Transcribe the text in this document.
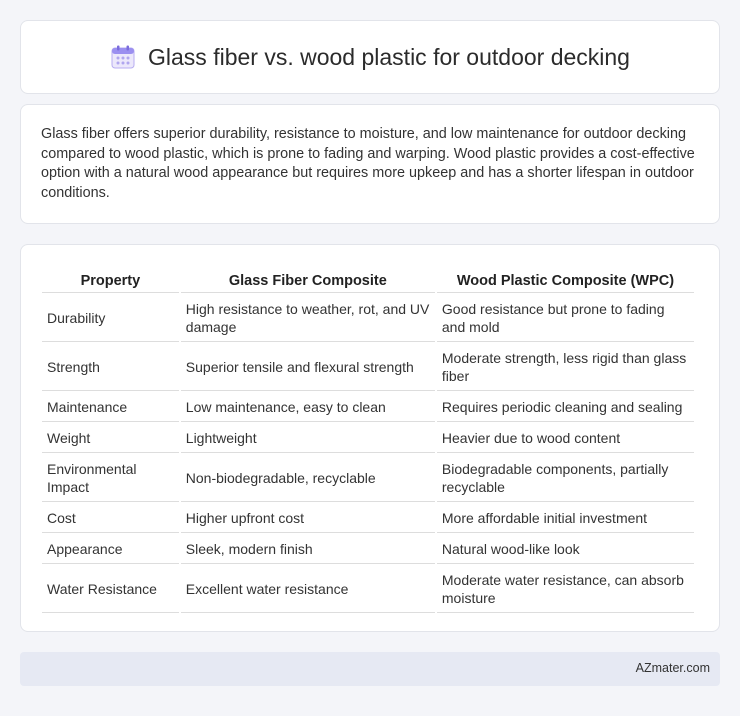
Glass fiber vs. wood plastic for outdoor decking

Glass fiber offers superior durability, resistance to moisture, and low maintenance for outdoor decking compared to wood plastic, which is prone to fading and warping. Wood plastic provides a cost-effective option with a natural wood appearance but requires more upkeep and has a shorter lifespan in outdoor conditions.

Property	Glass Fiber Composite	Wood Plastic Composite (WPC)
Durability	High resistance to weather, rot, and UV damage	Good resistance but prone to fading and mold
Strength	Superior tensile and flexural strength	Moderate strength, less rigid than glass fiber
Maintenance	Low maintenance, easy to clean	Requires periodic cleaning and sealing
Weight	Lightweight	Heavier due to wood content
Environmental Impact	Non-biodegradable, recyclable	Biodegradable components, partially recyclable
Cost	Higher upfront cost	More affordable initial investment
Appearance	Sleek, modern finish	Natural wood-like look
Water Resistance	Excellent water resistance	Moderate water resistance, can absorb moisture
AZmater.com
